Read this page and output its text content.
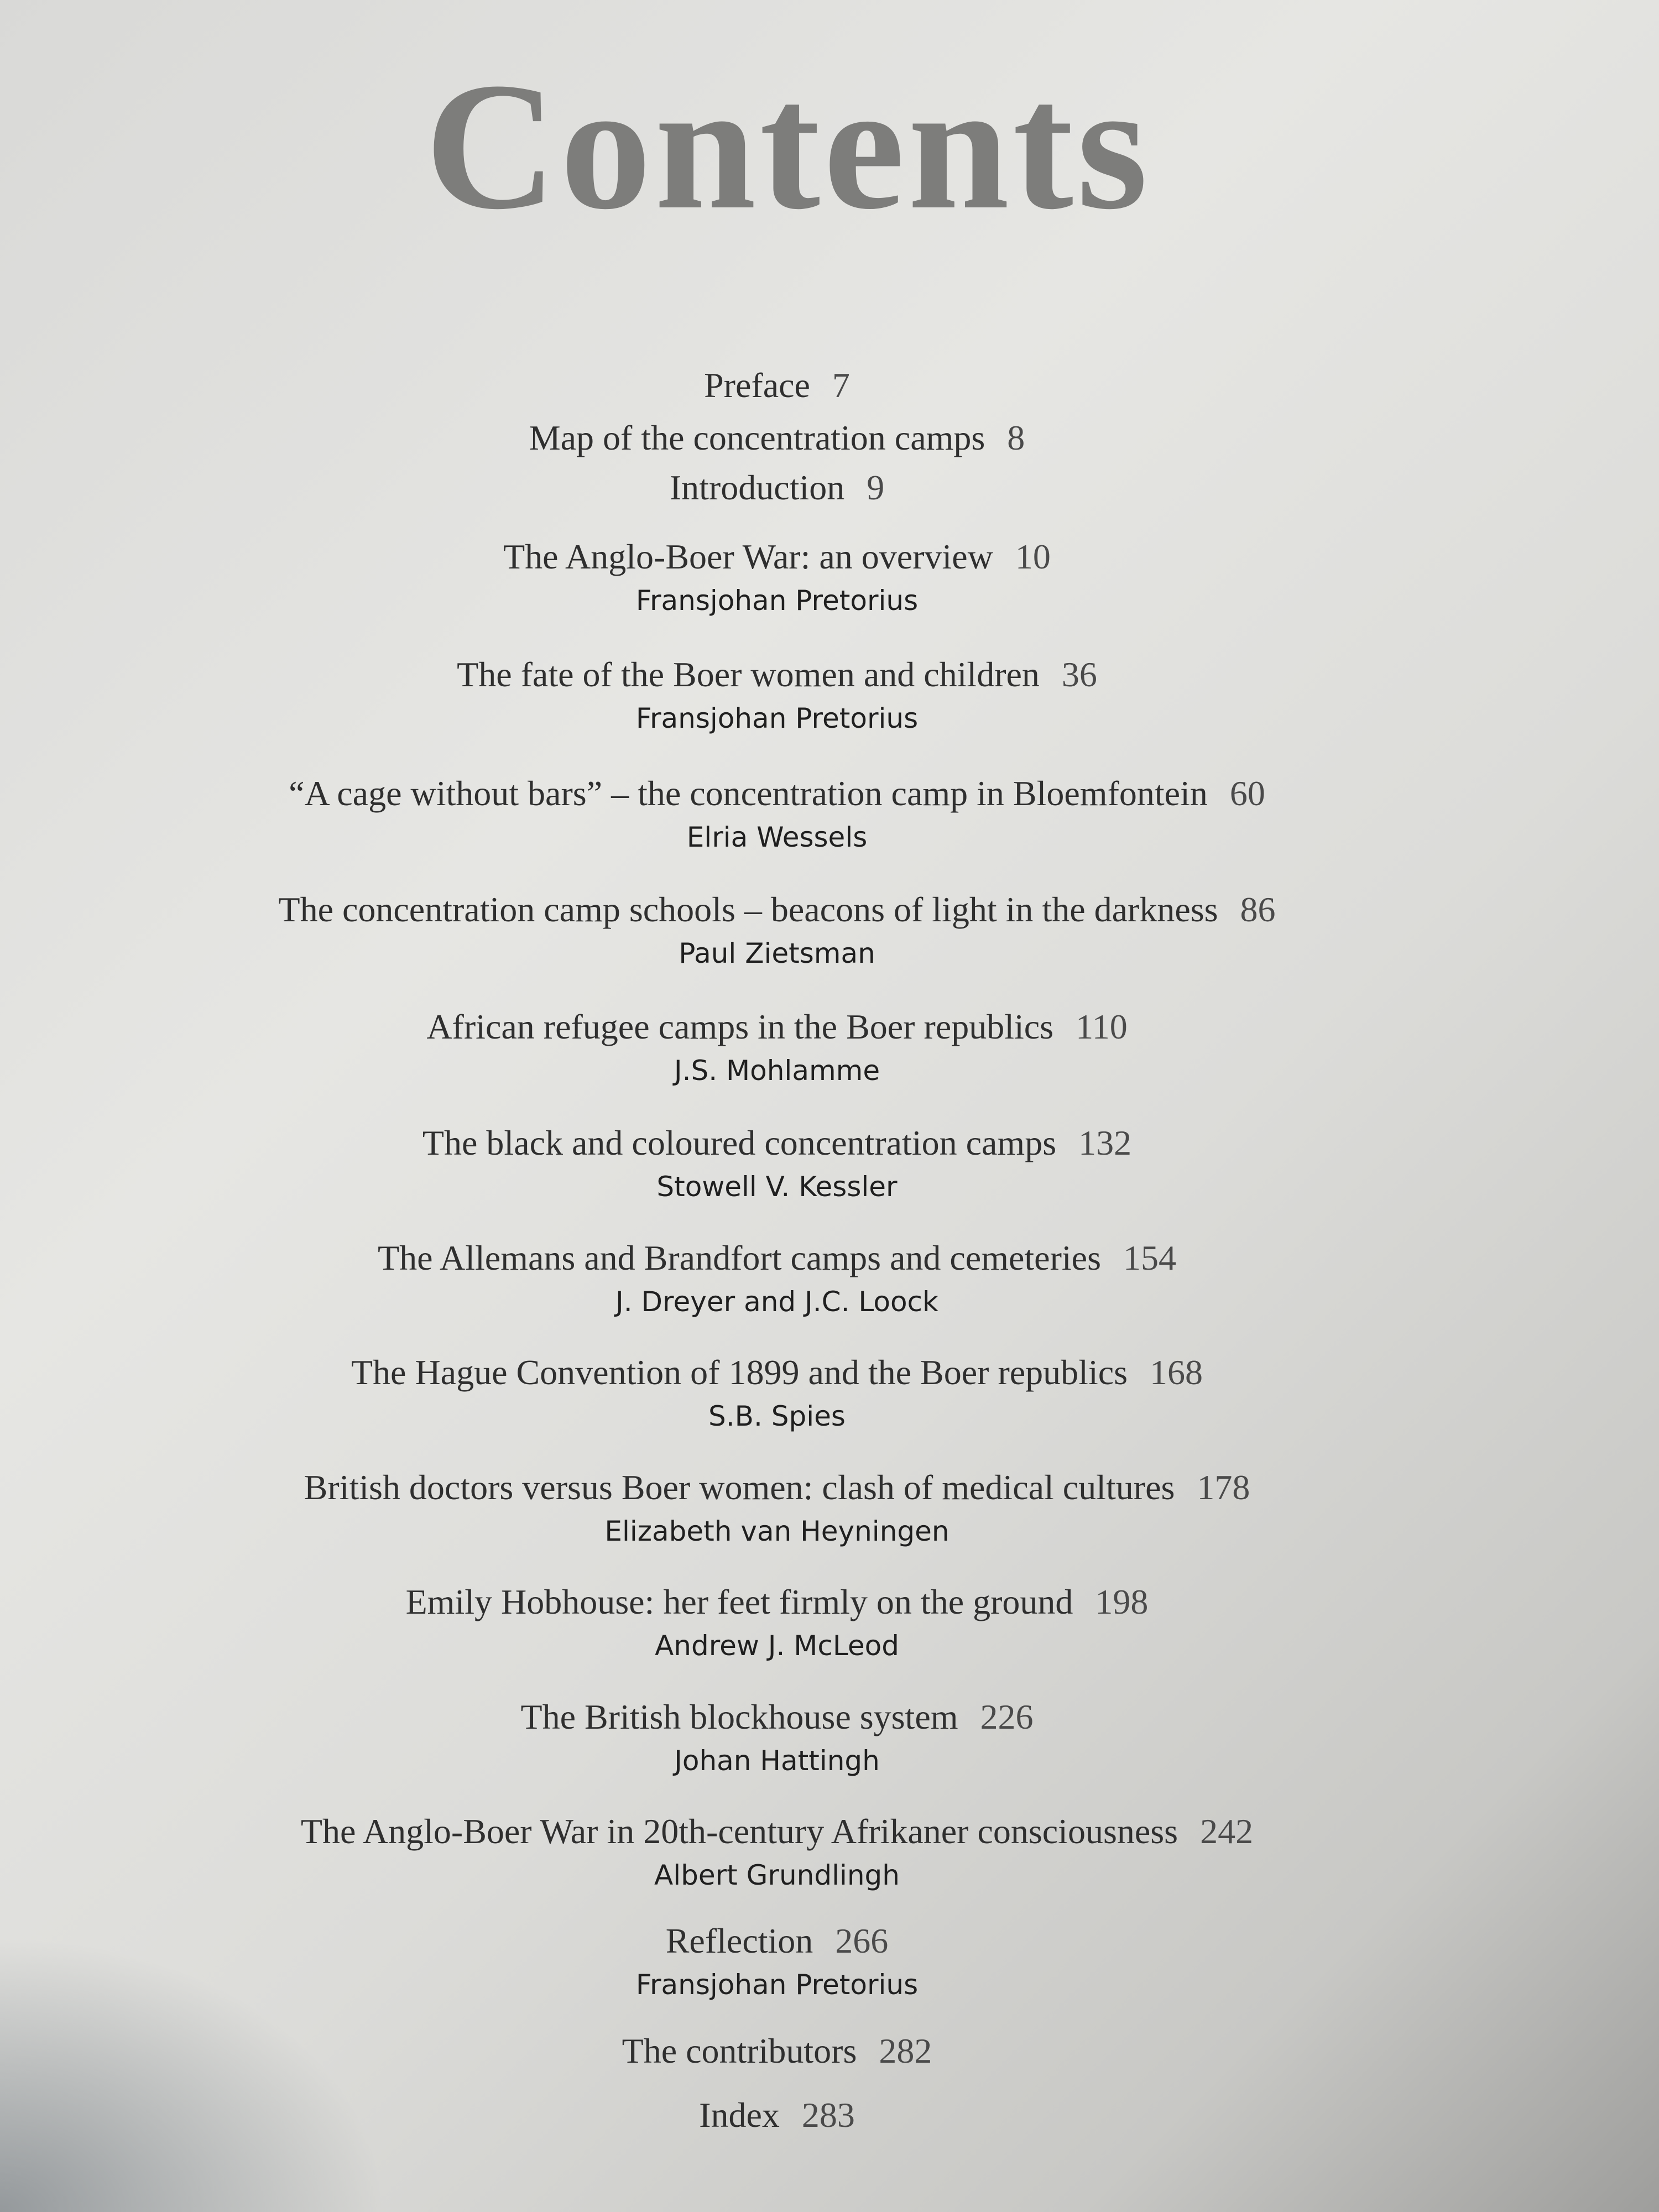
Contents
Preface 7
Map of the concentration camps 8
Introduction 9
The Anglo-Boer War: an overview 10
Fransjohan Pretorius
The fate of the Boer women and children 36
Fransjohan Pretorius
“A cage without bars” – the concentration camp in Bloemfontein 60
Elria Wessels
The concentration camp schools – beacons of light in the darkness 86
Paul Zietsman
African refugee camps in the Boer republics 110
J.S. Mohlamme
The black and coloured concentration camps 132
Stowell V. Kessler
The Allemans and Brandfort camps and cemeteries 154
J. Dreyer and J.C. Loock
The Hague Convention of 1899 and the Boer republics 168
S.B. Spies
British doctors versus Boer women: clash of medical cultures 178
Elizabeth van Heyningen
Emily Hobhouse: her feet firmly on the ground 198
Andrew J. McLeod
The British blockhouse system 226
Johan Hattingh
The Anglo-Boer War in 20th-century Afrikaner consciousness 242
Albert Grundlingh
Reflection 266
Fransjohan Pretorius
The contributors 282
Index 283
